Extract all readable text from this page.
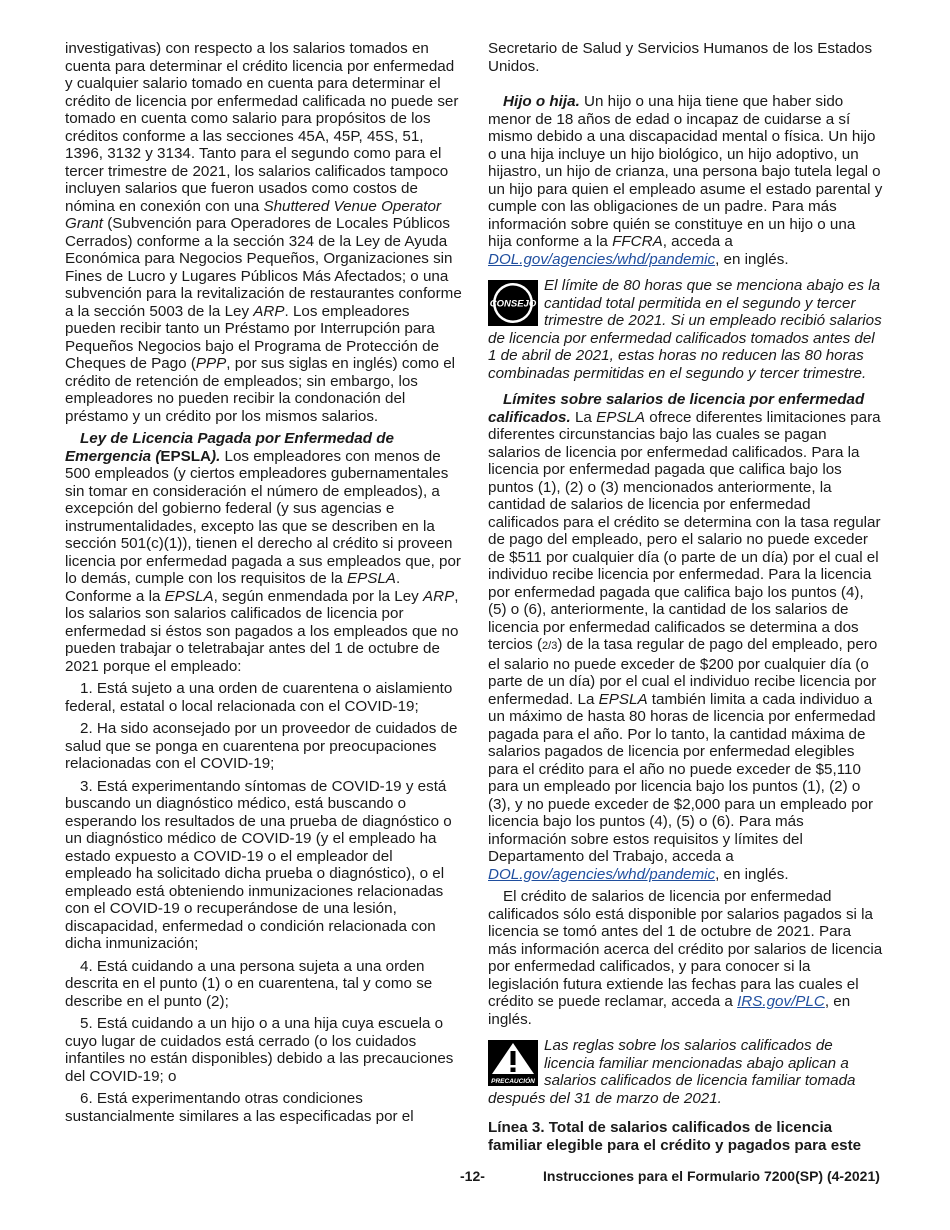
investigativas) con respecto a los salarios tomados en cuenta para determinar el crédito licencia por enfermedad y cualquier salario tomado en cuenta para determinar el crédito de licencia por enfermedad calificada no puede ser tomado en cuenta como salario para propósitos de los créditos conforme a las secciones 45A, 45P, 45S, 51, 1396, 3132 y 3134. Tanto para el segundo como para el tercer trimestre de 2021, los salarios calificados tampoco incluyen salarios que fueron usados como costos de nómina en conexión con una Shuttered Venue Operator Grant (Subvención para Operadores de Locales Públicos Cerrados) conforme a la sección 324 de la Ley de Ayuda Económica para Negocios Pequeños, Organizaciones sin Fines de Lucro y Lugares Públicos Más Afectados; o una subvención para la revitalización de restaurantes conforme a la sección 5003 de la Ley ARP. Los empleadores pueden recibir tanto un Préstamo por Interrupción para Pequeños Negocios bajo el Programa de Protección de Cheques de Pago (PPP, por sus siglas en inglés) como el crédito de retención de empleados; sin embargo, los empleadores no pueden recibir la condonación del préstamo y un crédito por los mismos salarios.

Ley de Licencia Pagada por Enfermedad de Emergencia (EPSLA). Los empleadores con menos de 500 empleados (y ciertos empleadores gubernamentales sin tomar en consideración el número de empleados), a excepción del gobierno federal (y sus agencias e instrumentalidades, excepto las que se describen en la sección 501(c)(1)), tienen el derecho al crédito si proveen licencia por enfermedad pagada a sus empleados que, por lo demás, cumple con los requisitos de la EPSLA. Conforme a la EPSLA, según enmendada por la Ley ARP, los salarios son salarios calificados de licencia por enfermedad si éstos son pagados a los empleados que no pueden trabajar o teletrabajar antes del 1 de octubre de 2021 porque el empleado:

1. Está sujeto a una orden de cuarentena o aislamiento federal, estatal o local relacionada con el COVID-19;

2. Ha sido aconsejado por un proveedor de cuidados de salud que se ponga en cuarentena por preocupaciones relacionadas con el COVID-19;

3. Está experimentando síntomas de COVID-19 y está buscando un diagnóstico médico, está buscando o esperando los resultados de una prueba de diagnóstico o un diagnóstico médico de COVID-19 (y el empleado ha estado expuesto a COVID-19 o el empleador del empleado ha solicitado dicha prueba o diagnóstico), o el empleado está obteniendo inmunizaciones relacionadas con el COVID-19 o recuperándose de una lesión, discapacidad, enfermedad o condición relacionada con dicha inmunización;

4. Está cuidando a una persona sujeta a una orden descrita en el punto (1) o en cuarentena, tal y como se describe en el punto (2);

5. Está cuidando a un hijo o a una hija cuya escuela o cuyo lugar de cuidados está cerrado (o los cuidados infantiles no están disponibles) debido a las precauciones del COVID-19; o

6. Está experimentando otras condiciones sustancialmente similares a las especificadas por el

Secretario de Salud y Servicios Humanos de los Estados Unidos.

Hijo o hija. Un hijo o una hija tiene que haber sido menor de 18 años de edad o incapaz de cuidarse a sí mismo debido a una discapacidad mental o física. Un hijo o una hija incluye un hijo biológico, un hijo adoptivo, un hijastro, un hijo de crianza, una persona bajo tutela legal o un hijo para quien el empleado asume el estado parental y cumple con las obligaciones de un padre. Para más información sobre quién se constituye en un hijo o una hija conforme a la FFCRA, acceda a DOL.gov/agencies/whd/pandemic, en inglés.

CONSEJO
El límite de 80 horas que se menciona abajo es la cantidad total permitida en el segundo y tercer trimestre de 2021. Si un empleado recibió salarios de licencia por enfermedad calificados tomados antes del 1 de abril de 2021, estas horas no reducen las 80 horas combinadas permitidas en el segundo y tercer trimestre.

Límites sobre salarios de licencia por enfermedad calificados. La EPSLA ofrece diferentes limitaciones para diferentes circunstancias bajo las cuales se pagan salarios de licencia por enfermedad calificados. Para la licencia por enfermedad pagada que califica bajo los puntos (1), (2) o (3) mencionados anteriormente, la cantidad de salarios de licencia por enfermedad calificados para el crédito se determina con la tasa regular de pago del empleado, pero el salario no puede exceder de $511 por cualquier día (o parte de un día) por el cual el individuo recibe licencia por enfermedad. Para la licencia por enfermedad pagada que califica bajo los puntos (4), (5) o (6), anteriormente, la cantidad de los salarios de licencia por enfermedad calificados se determina a dos tercios (2/3) de la tasa regular de pago del empleado, pero el salario no puede exceder de $200 por cualquier día (o parte de un día) por el cual el individuo recibe licencia por enfermedad. La EPSLA también limita a cada individuo a un máximo de hasta 80 horas de licencia por enfermedad pagada para el año. Por lo tanto, la cantidad máxima de salarios pagados de licencia por enfermedad elegibles para el crédito para el año no puede exceder de $5,110 para un empleado por licencia bajo los puntos (1), (2) o (3), y no puede exceder de $2,000 para un empleado por licencia bajo los puntos (4), (5) o (6). Para más información sobre estos requisitos y límites del Departamento del Trabajo, acceda a DOL.gov/agencies/whd/pandemic, en inglés.

El crédito de salarios de licencia por enfermedad calificados sólo está disponible por salarios pagados si la licencia se tomó antes del 1 de octubre de 2021. Para más información acerca del crédito por salarios de licencia por enfermedad calificados, y para conocer si la legislación futura extiende las fechas para las cuales el crédito se puede reclamar, acceda a IRS.gov/PLC, en inglés.

PRECAUCIÓN
Las reglas sobre los salarios calificados de licencia familiar mencionadas abajo aplican a salarios calificados de licencia familiar tomada después del 31 de marzo de 2021.

Línea 3. Total de salarios calificados de licencia familiar elegible para el crédito y pagados para este

-12-	Instrucciones para el Formulario 7200(SP) (4-2021)
